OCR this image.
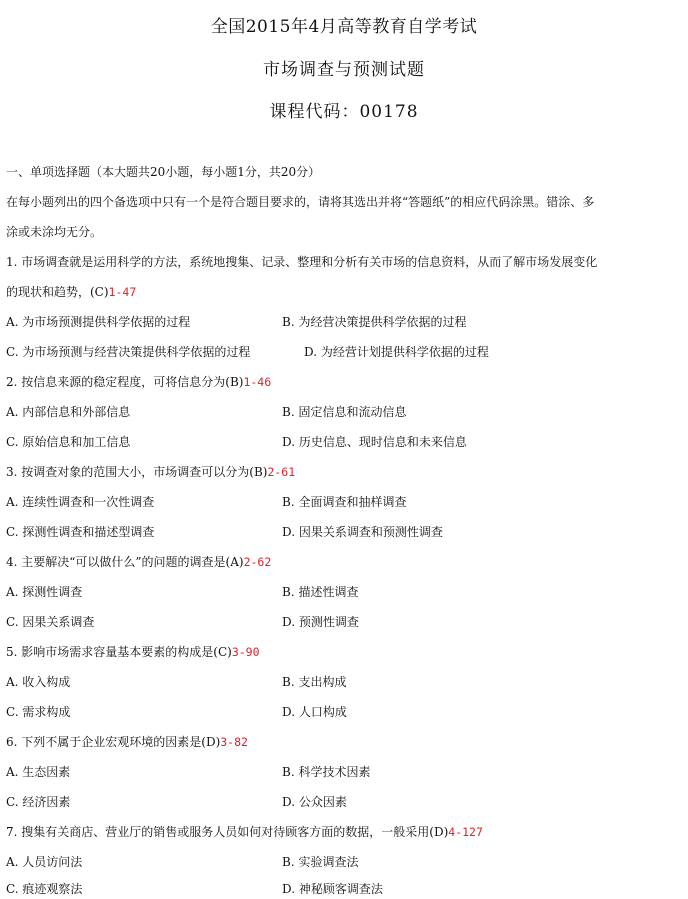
全国2015年4月高等教育自学考试
市场调查与预测试题
课程代码：00178
一、单项选择题（本大题共20小题，每小题1分，共20分）
在每小题列出的四个备选项中只有一个是符合题目要求的，请将其选出并将“答题纸”的相应代码涂黑。错涂、多
涂或未涂均无分。
1. 市场调查就是运用科学的方法，系统地搜集、记录、整理和分析有关市场的信息资料，从而了解市场发展变化
的现状和趋势，(C)1-47
A. 为市场预测提供科学依据的过程	B. 为经营决策提供科学依据的过程
C. 为市场预测与经营决策提供科学依据的过程	D. 为经营计划提供科学依据的过程
2. 按信息来源的稳定程度，可将信息分为(B)1-46
A. 内部信息和外部信息	B. 固定信息和流动信息
C. 原始信息和加工信息	D. 历史信息、现时信息和未来信息
3. 按调查对象的范围大小，市场调查可以分为(B)2-61
A. 连续性调查和一次性调查	B. 全面调查和抽样调查
C. 探测性调查和描述型调查	D. 因果关系调查和预测性调查
4. 主要解决“可以做什么”的问题的调查是(A)2-62
A. 探测性调查	B. 描述性调查
C. 因果关系调查	D. 预测性调查
5. 影响市场需求容量基本要素的构成是(C)3-90
A. 收入构成	B. 支出构成
C. 需求构成	D. 人口构成
6. 下列不属于企业宏观环境的因素是(D)3-82
A. 生态因素	B. 科学技术因素
C. 经济因素	D. 公众因素
7. 搜集有关商店、营业厅的销售或服务人员如何对待顾客方面的数据，一般采用(D)4-127
A. 人员访问法	B. 实验调查法
C. 痕迹观察法	D. 神秘顾客调查法
